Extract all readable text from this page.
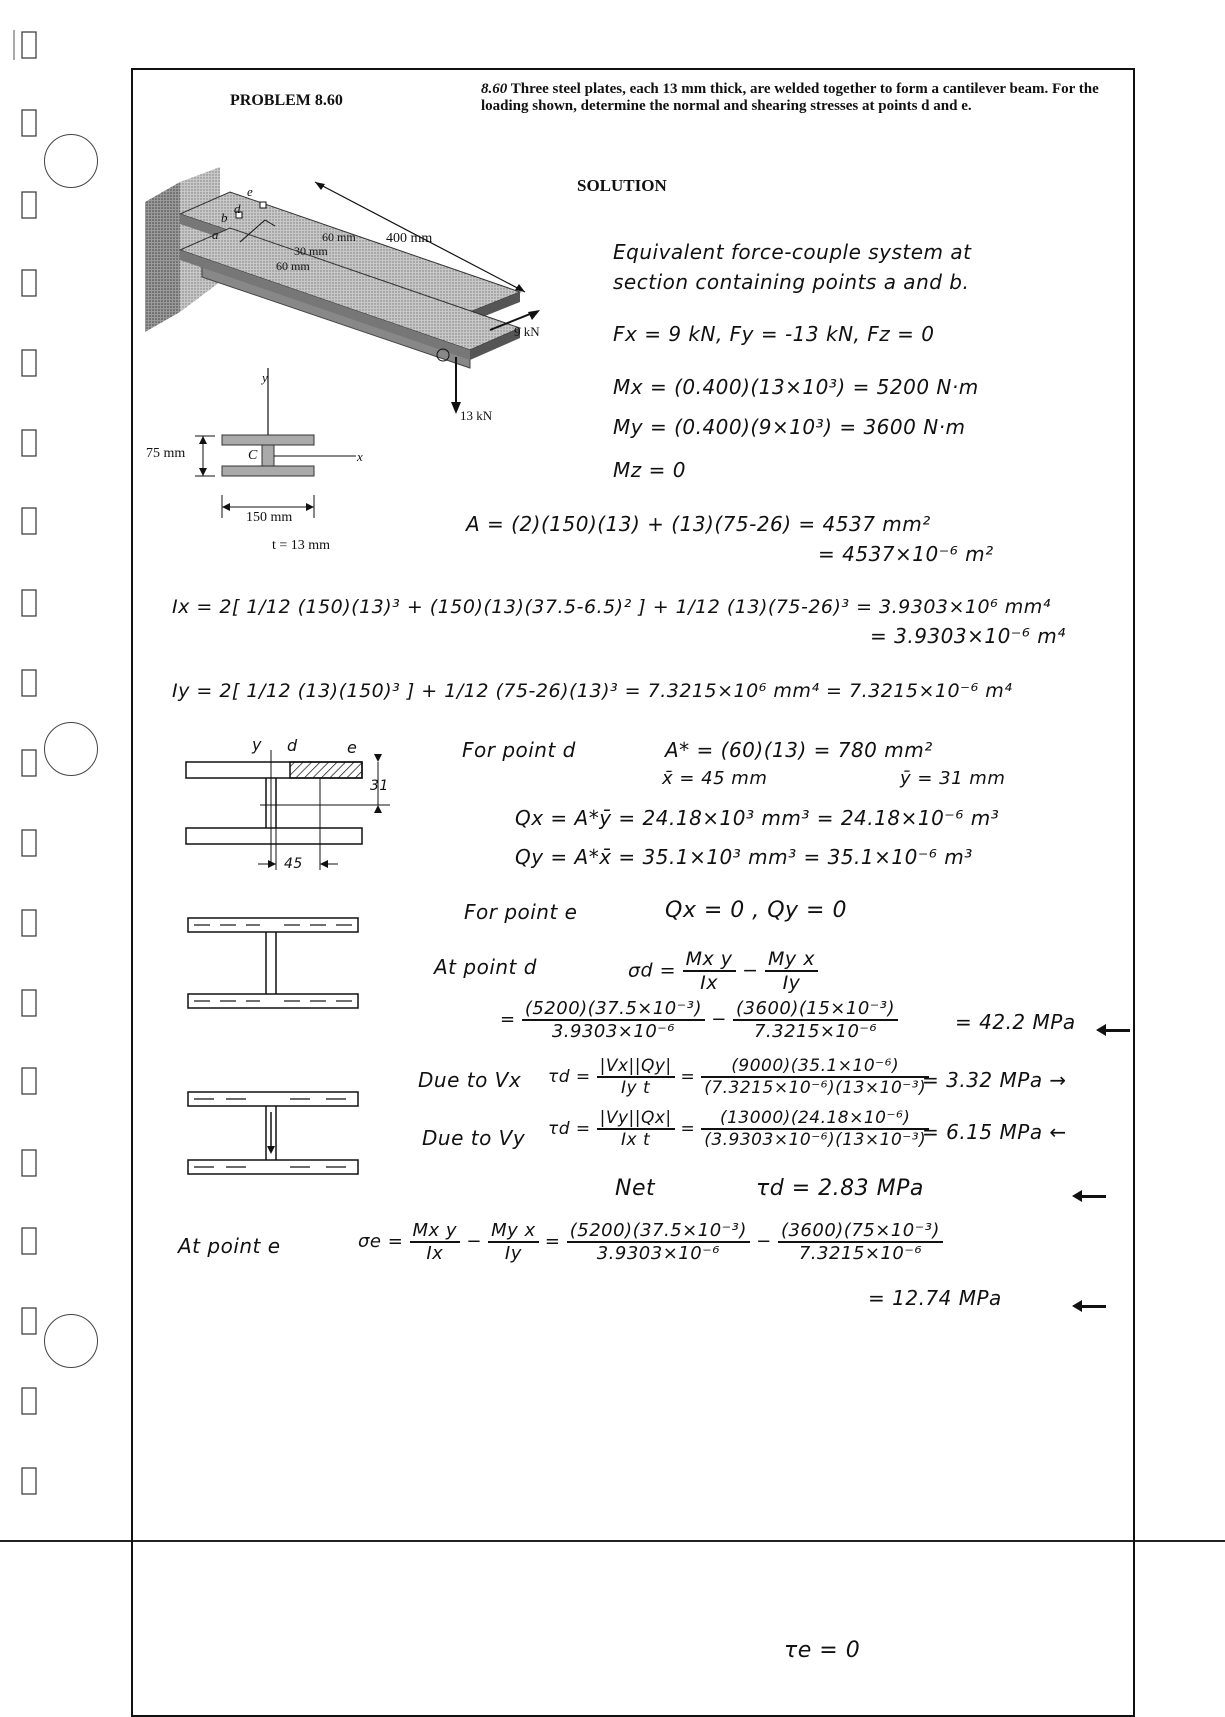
PROBLEM 8.60
8.60 Three steel plates, each 13 mm thick, are welded together to form a cantilever beam. For the loading shown, determine the normal and shearing stresses at points d and e.
SOLUTION
400 mm
60 mm
30 mm
60 mm
9 kN
13 kN
e
d
b
a
y
x
C
75 mm
150 mm
t = 13 mm
Equivalent force-couple system at
section containing points a and b.
Fx = 9 kN, Fy = -13 kN, Fz = 0
Mx = (0.400)(13×10³) = 5200 N·m
My = (0.400)(9×10³) = 3600 N·m
Mz = 0
A = (2)(150)(13) + (13)(75-26) = 4537 mm²
= 4537×10⁻⁶ m²
Ix = 2[ 1/12 (150)(13)³ + (150)(13)(37.5-6.5)² ] + 1/12 (13)(75-26)³ = 3.9303×10⁶ mm⁴
= 3.9303×10⁻⁶ m⁴
Iy = 2[ 1/12 (13)(150)³ ] + 1/12 (75-26)(13)³ = 7.3215×10⁶ mm⁴ = 7.3215×10⁻⁶ m⁴
y d	e
31
45
For point d	A* = (60)(13) = 780 mm²
x̄ = 45 mm	ȳ = 31 mm
Qx = A*ȳ = 24.18×10³ mm³ = 24.18×10⁻⁶ m³
Qy = A*x̄ = 35.1×10³ mm³ = 35.1×10⁻⁶ m³
For point e	Qx = 0 , Qy = 0
At point d	$\sigma d = \frac{\text{Mx y}}{Ix} - \frac{\text{My x}}{Iy}$
= $\frac{\text{(5200)(37.5×10⁻³)}}{\text{3.9303×10⁻⁶}} - \frac{\text{(3600)(15×10⁻³)}}{\text{7.3215×10⁻⁶}}$	= 42.2 MPa
Due to Vx $\tau d = \frac{|Vx||Qy|}{\text{Iy t}} = \frac{\text{(9000)(35.1×10⁻⁶)}}{\text{(7.3215×10⁻⁶)(13×10⁻³)}}$
= 3.32 MPa →
Due to Vy $\tau d = \frac{|Vy||Qx|}{\text{Ix t}} = \frac{\text{(13000)(24.18×10⁻⁶)}}{\text{(3.9303×10⁻⁶)(13×10⁻³)}}$
= 6.15 MPa ←
Net	τd = 2.83 MPa
At point e	$\sigma e = \frac{\text{Mx y}}{Ix} - \frac{\text{My x}}{Iy} = \frac{\text{(5200)(37.5×10⁻³)}}{\text{3.9303×10⁻⁶}} - \frac{\text{(3600)(75×10⁻³)}}{\text{7.3215×10⁻⁶}}$
= 12.74 MPa
τe = 0
